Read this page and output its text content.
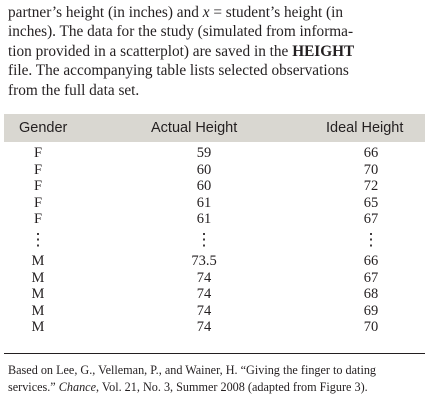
partner’s height (in inches) and x = student’s height (in
inches). The data for the study (simulated from informa-
tion provided in a scatterplot) are saved in the HEIGHT
file. The accompanying table lists selected observations
from the full data set.
Gender	Actual Height	Ideal Height
F	59	66
F	60	70
F	60	72
F	61	65
F	61	67
⋮	⋮	⋮
M	73.5	66
M	74	67
M	74	68
M	74	69
M	74	70
Based on Lee, G., Velleman, P., and Wainer, H. “Giving the finger to dating
services.” Chance, Vol. 21, No. 3, Summer 2008 (adapted from Figure 3).
